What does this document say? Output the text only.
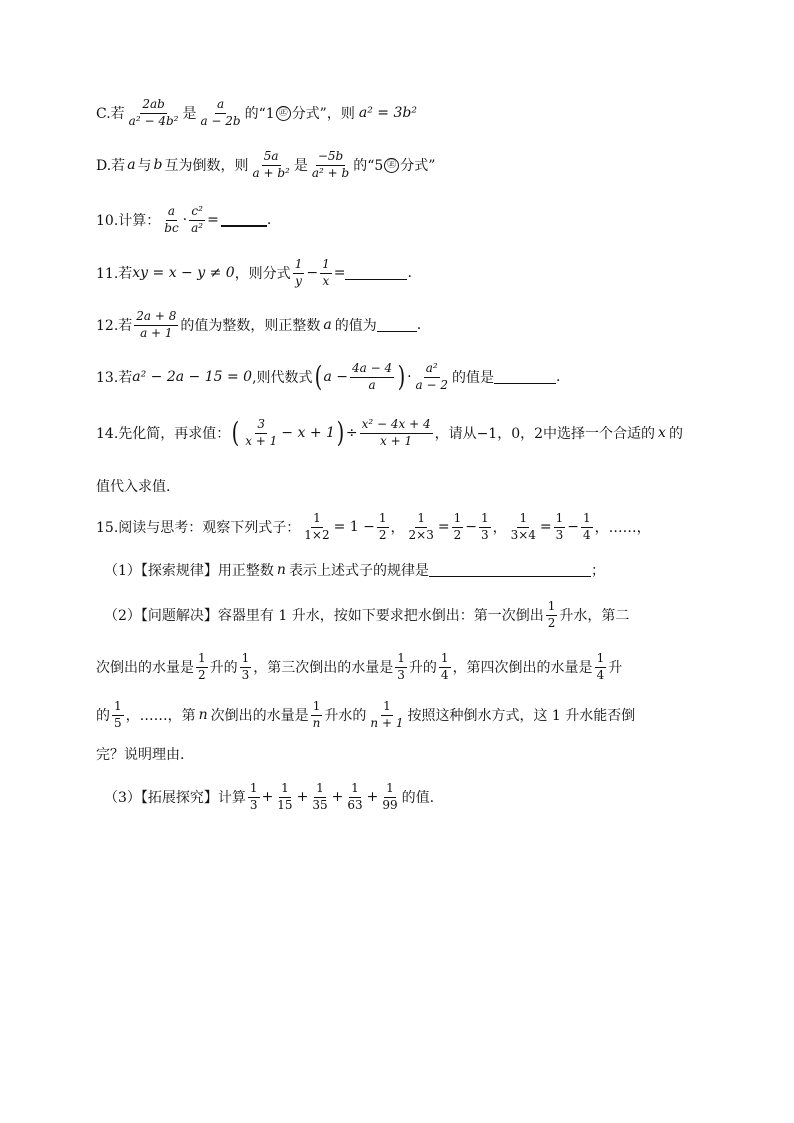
C.若 $\frac{2ab}{\text{a² − 4b²}}$ 是 $\frac{a}{a - 2b}$ 的“1 ㊣ 分式”，则 a² = 3b²
D.若 a 与 b 互为倒数，则 $\frac{5a}{\text{a + b²}}$ 是 $\frac{-5b}{\text{a² + b}}$ 的“5 ㊣ 分式”
10.计算： $\frac{a}{bc} \cdot \frac{\text{c²}}{\text{a²}}$ =	.
11.若 xy = x − y ≠ 0 ，则分式 $\frac{1}{y} - \frac{1}{x}$ =	.
12.若 $\frac{2a + 8}{a + 1}$ 的值为整数，则正整数 a 的值为	.
13.若 a² − 2a − 15 = 0 ,则代数式 ( $a - \frac{4a - 4}{a}$ ) · $\frac{\text{a²}}{a - 2}$ 的值是	.
14.先化简，再求值： ( $\frac{3}{x + 1} - x + 1$ ) ÷ $\frac{\text{x² − 4x + 4}}{x + 1}$ ，请从−1，0，2中选择一个合适的 x 的
值代入求值.
15.阅读与思考：观察下列式子： $\frac{1}{1\times 2} = 1 - \frac{1}{2}$ ， $\frac{1}{2\times 3} = \frac{1}{2} - \frac{1}{3}$ ， $\frac{1}{3\times 4} = \frac{1}{3} - \frac{1}{4}$ ， ……，
（1）【探索规律】用正整数 n 表示上述式子的规律是	；
（2）【问题解决】容器里有 1 升水，按如下要求把水倒出：第一次倒出 $\frac{1}{2}$ 升水，第二
次倒出的水量是 $\frac{1}{2}$ 升的 $\frac{1}{3}$ ，第三次倒出的水量是 $\frac{1}{3}$ 升的 $\frac{1}{4}$ ，第四次倒出的水量是 $\frac{1}{4}$ 升
的 $\frac{1}{5}$ ，……，第 n 次倒出的水量是 $\frac{1}{n}$ 升水的 $\frac{1}{n + 1}$ 按照这种倒水方式，这 1 升水能否倒
完？说明理由.
（3）【拓展探究】计算 $\frac{1}{3} + \frac{1}{15} + \frac{1}{35} + \frac{1}{63} + \frac{1}{99}$ 的值.
